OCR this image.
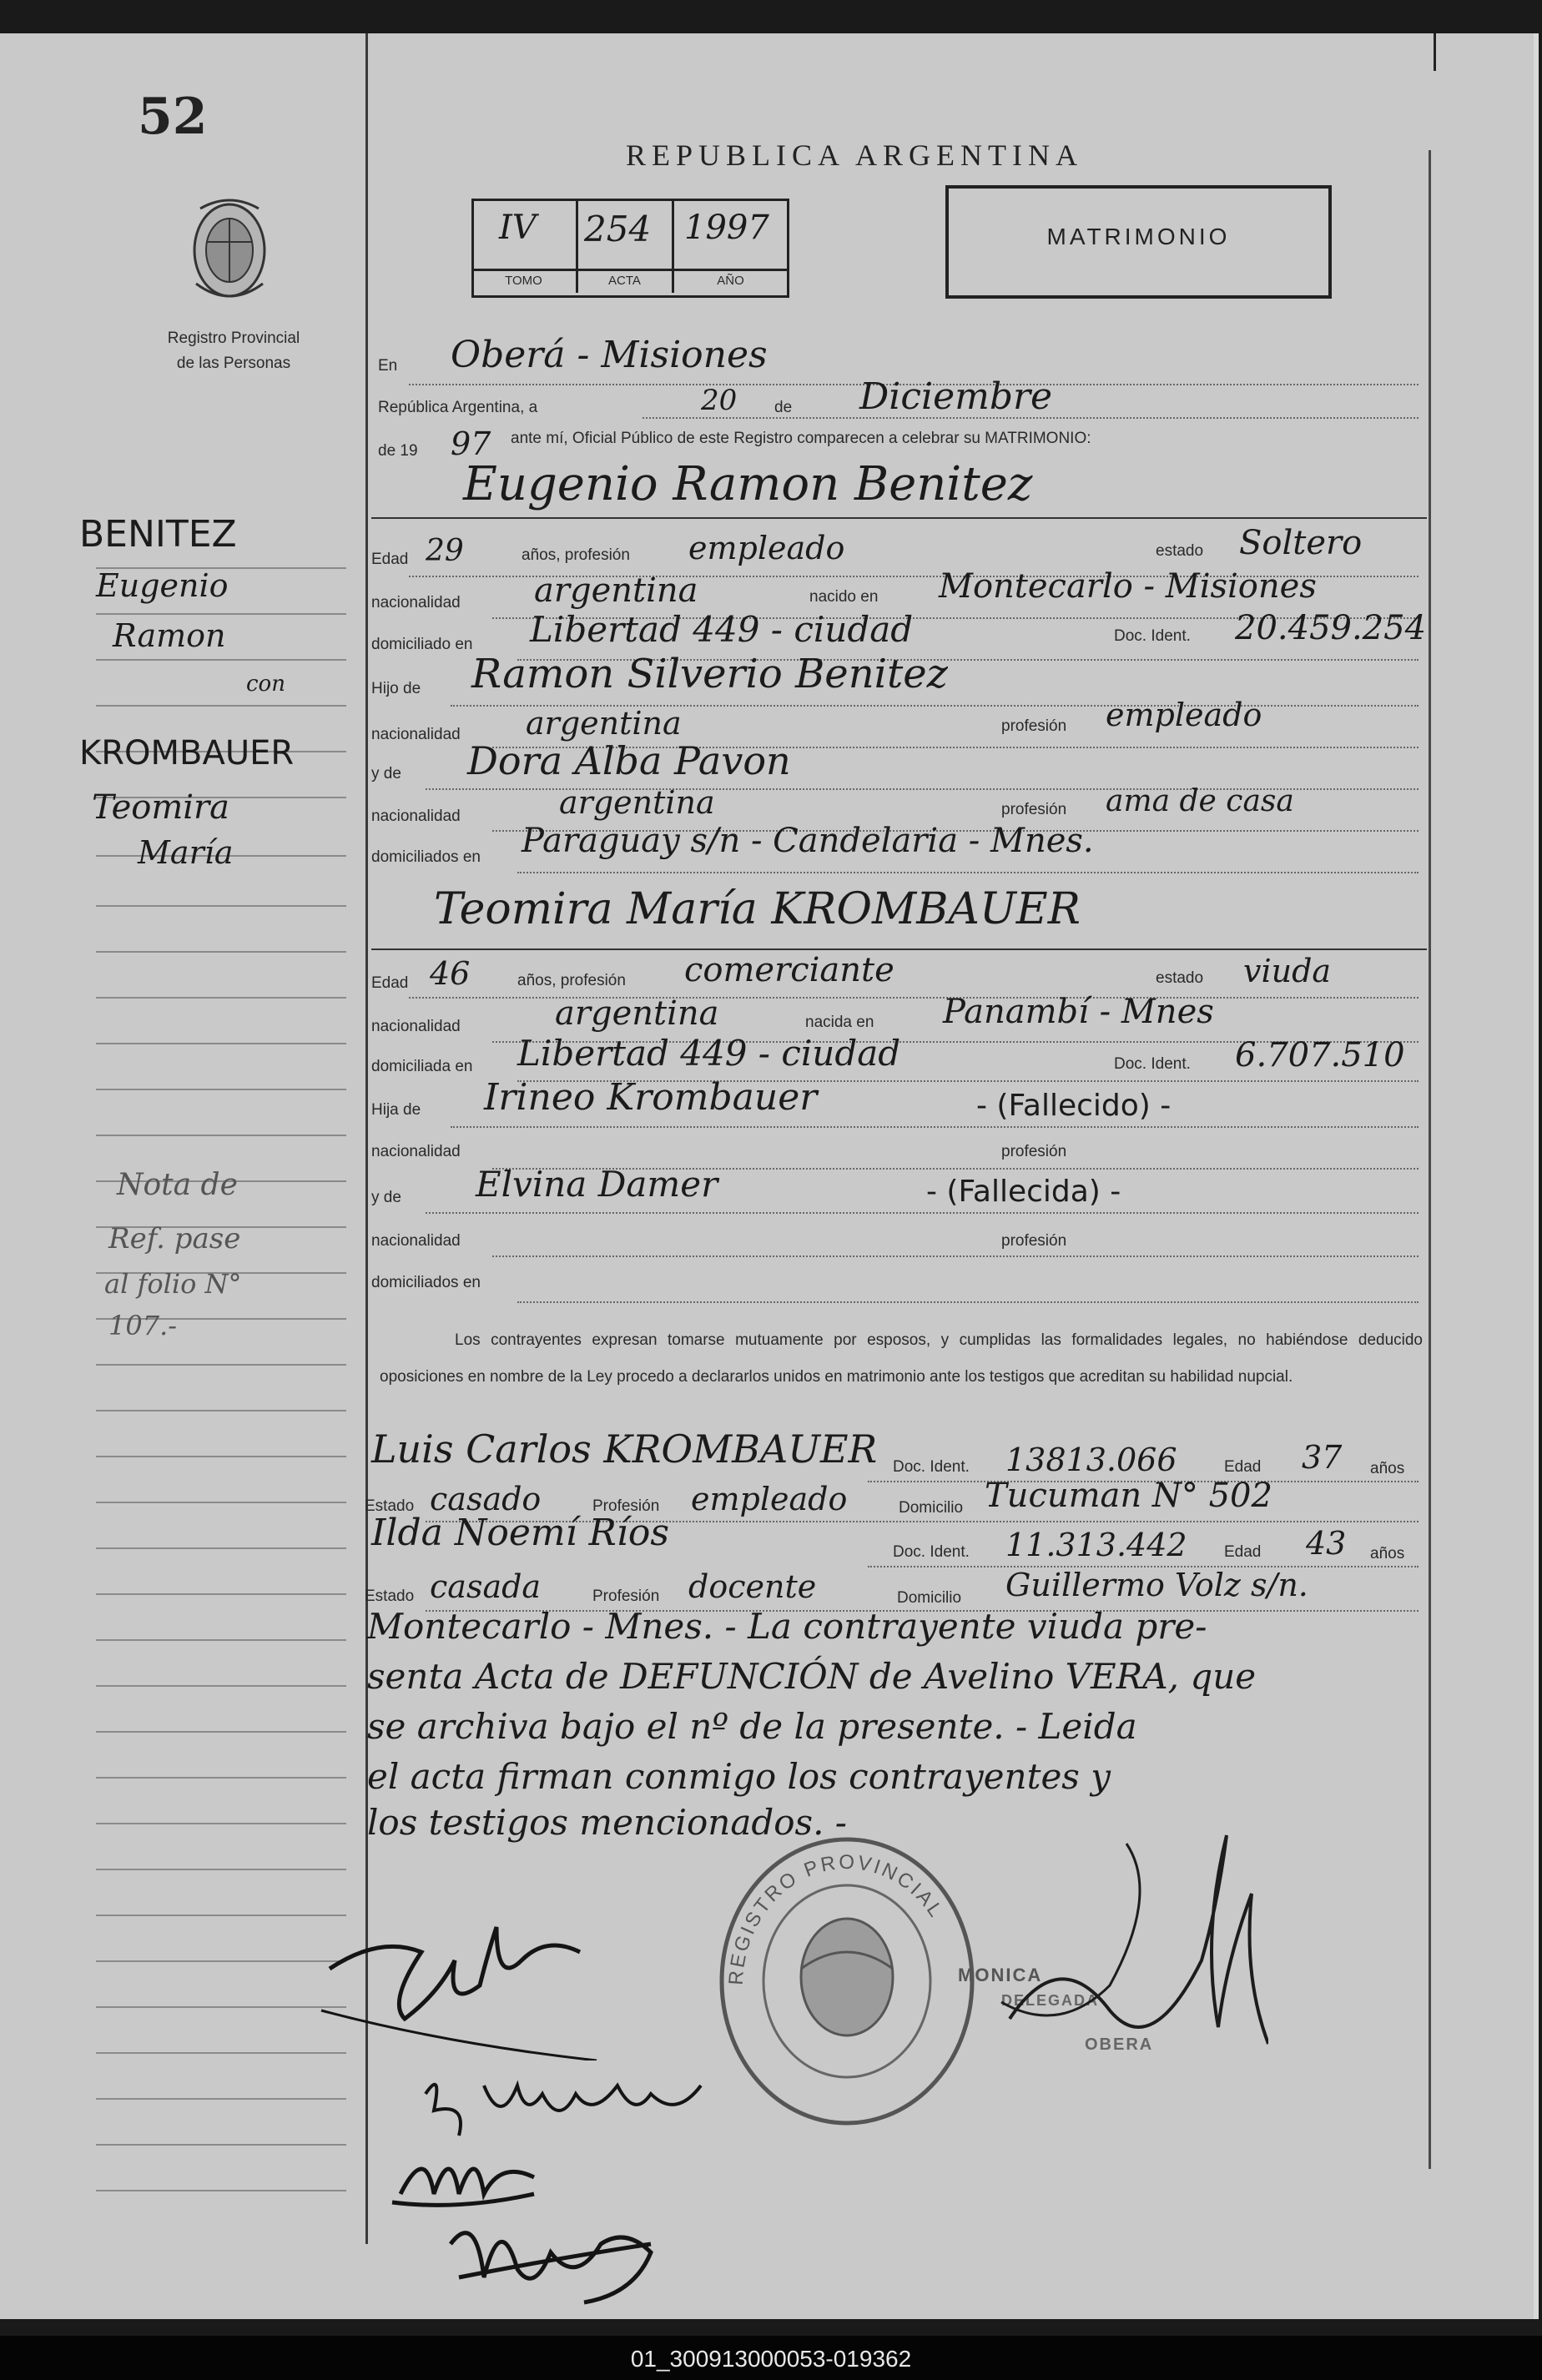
52
Registro Provincial
de las Personas
BENITEZ
Eugenio
Ramon
con
KROMBAUER
Teomira
María
Nota de
Ref. pase
al folio N°
107.-
REPUBLICA ARGENTINA
IV 254 1997
TOMO	ACTA	AÑO
MATRIMONIO
En Oberá - Misiones
República Argentina, a	20 de Diciembre
de 19 97 ante mí, Oficial Público de este Registro comparecen a celebrar su MATRIMONIO:
Eugenio Ramon Benitez
Edad 29	años, profesión empleado	estado Soltero
nacionalidad argentina	nacido en Montecarlo - Misiones
domiciliado en Libertad 449 - ciudad	Doc. Ident. 20.459.254
Hijo de Ramon Silverio Benitez
nacionalidad argentina	profesión empleado
y de Dora Alba Pavon
nacionalidad	argentina	profesión ama de casa
domiciliados en Paraguay s/n - Candelaria - Mnes.
Teomira María KROMBAUER
Edad 46	años, profesión comerciante	estado viuda
nacionalidad	argentina	nacida en Panambí - Mnes
domiciliada en Libertad 449 - ciudad	Doc. Ident. 6.707.510
Hija de Irineo Krombauer	- (Fallecido) -
nacionalidad	profesión
y de Elvina Damer	- (Fallecida) -
nacionalidad	profesión
domiciliados en
Los contrayentes expresan tomarse mutuamente por esposos, y cumplidas las formalidades legales, no habiéndose deducido oposiciones en nombre de la Ley procedo a declararlos unidos en matrimonio ante los testigos que acreditan su habilidad nupcial.
Luis Carlos KROMBAUER Doc. Ident. 13813.066	Edad 37 años
Estado casado	Profesión empleado	Domicilio Tucuman N° 502
Ilda Noemí Ríos	Doc. Ident. 11.313.442 Edad 43 años
Estado casada	Profesión docente	Domicilio Guillermo Volz s/n.
Montecarlo - Mnes. - La contrayente viuda pre-
senta Acta de DEFUNCIÓN de Avelino VERA, que
se archiva bajo el nº de la presente. - Leida
el acta firman conmigo los contrayentes y
los testigos mencionados. -
REGISTRO PROVINCIAL
MONICA
DELEGADA
OBERA
01_300913000053-019362
